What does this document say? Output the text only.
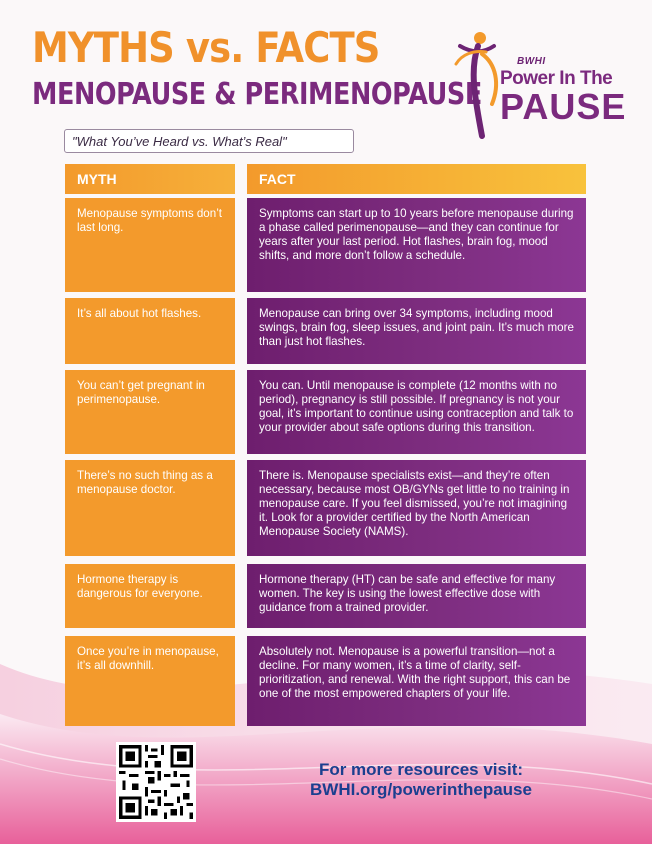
MYTHS vs. FACTS
MENOPAUSE & PERIMENOPAUSE
BWHI
Power In The
PAUSE
"What You’ve Heard vs. What’s Real"
MYTH	FACT
Menopause symptoms don’t last long.
Symptoms can start up to 10 years before menopause during a phase called perimenopause—and they can continue for years after your last period. Hot flashes, brain fog, mood shifts, and more don’t follow a schedule.
It’s all about hot flashes.	Menopause can bring over 34 symptoms, including mood swings, brain fog, sleep issues, and joint pain. It’s much more than just hot flashes.
You can’t get pregnant in perimenopause.
You can. Until menopause is complete (12 months with no period), pregnancy is still possible. If pregnancy is not your goal, it’s important to continue using contraception and talk to your provider about safe options during this transition.
There’s no such thing as a menopause doctor.
There is. Menopause specialists exist—and they’re often necessary, because most OB/GYNs get little to no training in menopause care. If you feel dismissed, you’re not imagining it. Look for a provider certified by the North American Menopause Society (NAMS).
Hormone therapy is dangerous for everyone.
Hormone therapy (HT) can be safe and effective for many women. The key is using the lowest effective dose with guidance from a trained provider.
Once you’re in menopause, it’s all downhill.
Absolutely not. Menopause is a powerful transition—not a decline. For many women, it’s a time of clarity, self-prioritization, and renewal. With the right support, this can be one of the most empowered chapters of your life.
For more resources visit:
BWHI.org/powerinthepause
